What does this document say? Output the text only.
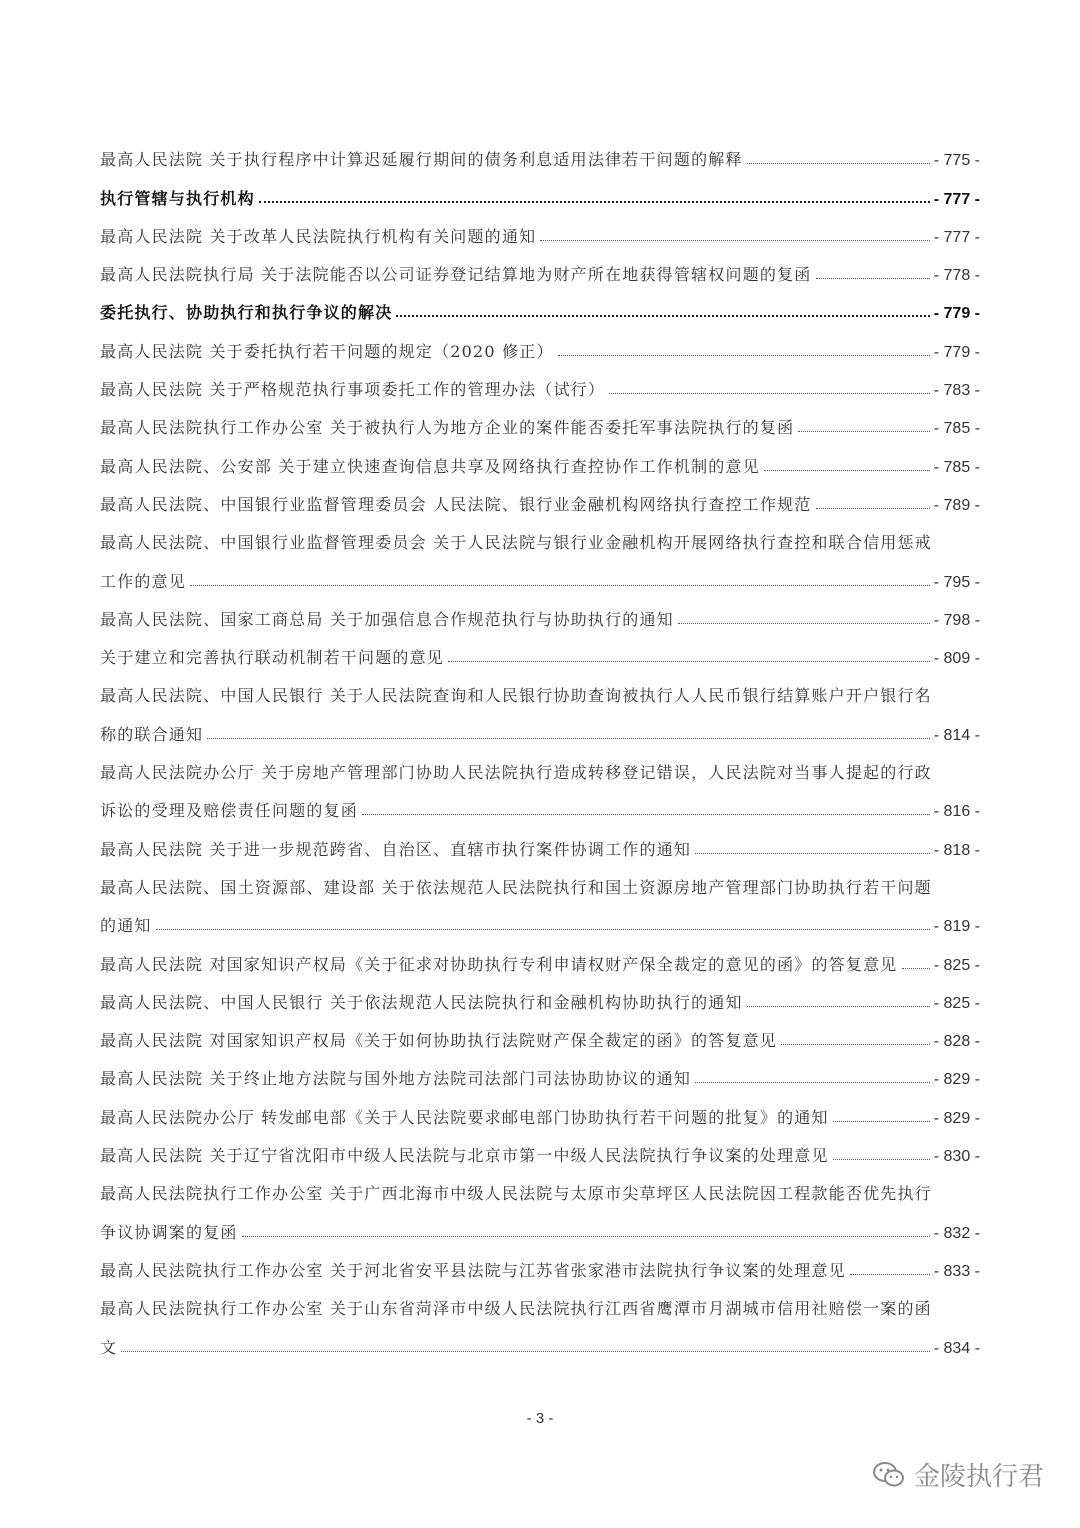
最高人民法院 关于执行程序中计算迟延履行期间的债务利息适用法律若干问题的解释	- 775 -
执行管辖与执行机构	- 777 -
最高人民法院 关于改革人民法院执行机构有关问题的通知	- 777 -
最高人民法院执行局 关于法院能否以公司证券登记结算地为财产所在地获得管辖权问题的复函	- 778 -
委托执行、协助执行和执行争议的解决	- 779 -
最高人民法院 关于委托执行若干问题的规定（2020 修正）	- 779 -
最高人民法院 关于严格规范执行事项委托工作的管理办法（试行）	- 783 -
最高人民法院执行工作办公室 关于被执行人为地方企业的案件能否委托军事法院执行的复函	- 785 -
最高人民法院、公安部 关于建立快速查询信息共享及网络执行查控协作工作机制的意见	- 785 -
最高人民法院、中国银行业监督管理委员会 人民法院、银行业金融机构网络执行查控工作规范	- 789 -
最高人民法院、中国银行业监督管理委员会 关于人民法院与银行业金融机构开展网络执行查控和联合信用惩戒
工作的意见	- 795 -
最高人民法院、国家工商总局 关于加强信息合作规范执行与协助执行的通知	- 798 -
关于建立和完善执行联动机制若干问题的意见	- 809 -
最高人民法院、中国人民银行 关于人民法院查询和人民银行协助查询被执行人人民币银行结算账户开户银行名
称的联合通知	- 814 -
最高人民法院办公厅 关于房地产管理部门协助人民法院执行造成转移登记错误，人民法院对当事人提起的行政
诉讼的受理及赔偿责任问题的复函	- 816 -
最高人民法院 关于进一步规范跨省、自治区、直辖市执行案件协调工作的通知	- 818 -
最高人民法院、国土资源部、建设部 关于依法规范人民法院执行和国土资源房地产管理部门协助执行若干问题
的通知	- 819 -
最高人民法院 对国家知识产权局《关于征求对协助执行专利申请权财产保全裁定的意见的函》的答复意见 - 825 -
最高人民法院、中国人民银行 关于依法规范人民法院执行和金融机构协助执行的通知	- 825 -
最高人民法院 对国家知识产权局《关于如何协助执行法院财产保全裁定的函》的答复意见	- 828 -
最高人民法院 关于终止地方法院与国外地方法院司法部门司法协助协议的通知	- 829 -
最高人民法院办公厅 转发邮电部《关于人民法院要求邮电部门协助执行若干问题的批复》的通知	- 829 -
最高人民法院 关于辽宁省沈阳市中级人民法院与北京市第一中级人民法院执行争议案的处理意见	- 830 -
最高人民法院执行工作办公室 关于广西北海市中级人民法院与太原市尖草坪区人民法院因工程款能否优先执行
争议协调案的复函	- 832 -
最高人民法院执行工作办公室 关于河北省安平县法院与江苏省张家港市法院执行争议案的处理意见	- 833 -
最高人民法院执行工作办公室 关于山东省菏泽市中级人民法院执行江西省鹰潭市月湖城市信用社赔偿一案的函
文	- 834 -
- 3 -
金陵执行君
